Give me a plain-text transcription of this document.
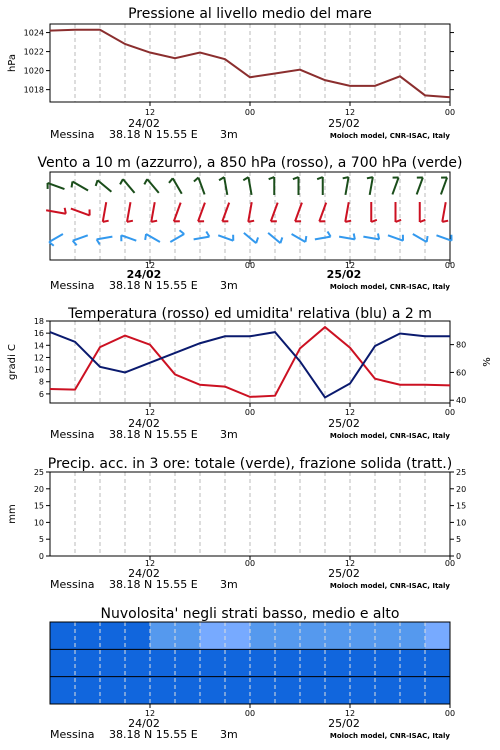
12	00	12	00
24/02	25/02
Messina 38.18 N 15.55 E 3m	Moloch model, CNR-ISAC, Italy
Pressione al livello medio del mare
1018
1020
1022
1024
hPa
12	00	12	00
24/02	25/02
Messina 38.18 N 15.55 E 3m	Moloch model, CNR-ISAC, Italy
Vento a 10 m (azzurro), a 850 hPa (rosso), a 700 hPa (verde)
12	00	12	00
24/02	25/02
Messina 38.18 N 15.55 E 3m	Moloch model, CNR-ISAC, Italy
Temperatura (rosso) ed umidita' relativa (blu) a 2 m
6
8
10
12
14
16
18
40
60
80
gradi C	%
12	00	12	00
24/02	25/02
Messina 38.18 N 15.55 E 3m	Moloch model, CNR-ISAC, Italy
Precip. acc. in 3 ore: totale (verde), frazione solida (tratt.)
0	0
5	5
10	10
15	15
20	20
25	25
mm
12	00	12	00
24/02	25/02
Messina 38.18 N 15.55 E 3m	Moloch model, CNR-ISAC, Italy
Nuvolosita' negli strati basso, medio e alto
